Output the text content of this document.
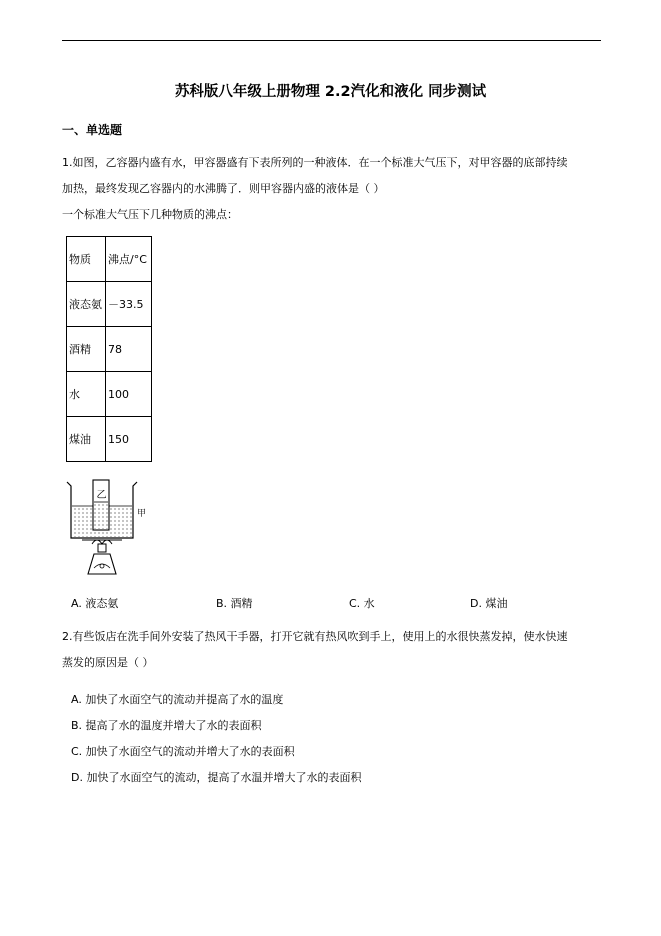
苏科版八年级上册物理 2.2汽化和液化 同步测试
一、单选题
1.如图，乙容器内盛有水，甲容器盛有下表所列的一种液体．在一个标准大气压下，对甲容器的底部持续
加热，最终发现乙容器内的水沸腾了．则甲容器内盛的液体是（ ）
一个标准大气压下几种物质的沸点：
物质	沸点/°C
液态氨	－33.5
酒精	78
水	100
煤油	150
乙
甲
A. 液态氨	B. 酒精	C. 水	D. 煤油
2.有些饭店在洗手间外安装了热风干手器，打开它就有热风吹到手上，使用上的水很快蒸发掉，使水快速
蒸发的原因是（ ）
A. 加快了水面空气的流动并提高了水的温度
B. 提高了水的温度并增大了水的表面积
C. 加快了水面空气的流动并增大了水的表面积
D. 加快了水面空气的流动，提高了水温并增大了水的表面积
